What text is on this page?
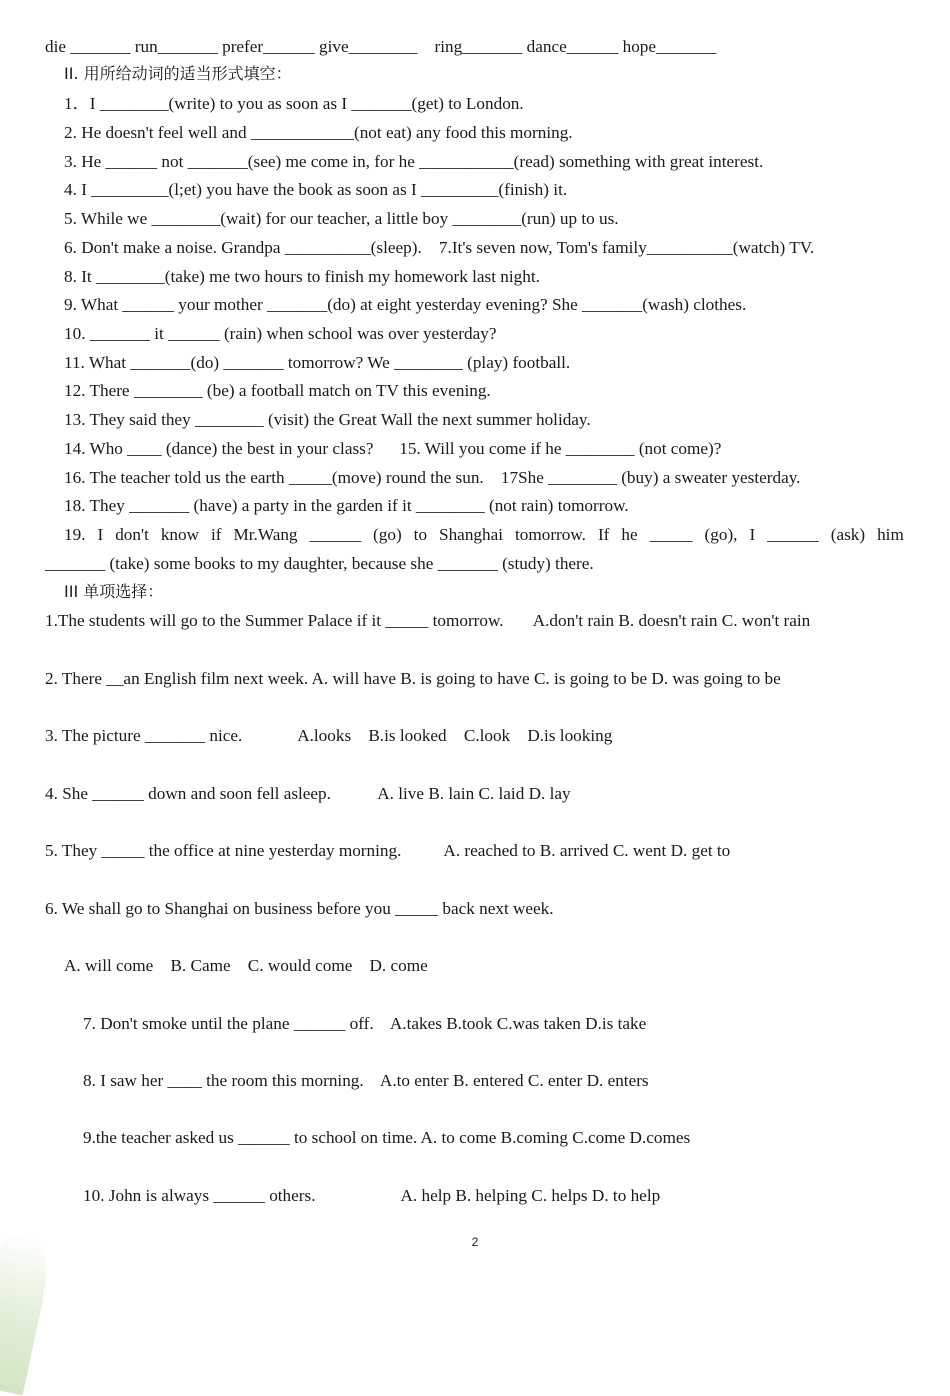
die _______ run_______ prefer______ give________    ring_______ dance______ hope_______
II. 用所给动词的适当形式填空：
1．I ________(write) to you as soon as I _______(get) to London.
2. He doesn't feel well and ____________(not eat) any food this morning.
3. He ______ not _______(see) me come in, for he ___________(read) something with great interest.
4. I _________(l;et) you have the book as soon as I _________(finish) it.
5. While we ________(wait) for our teacher, a little boy ________(run) up to us.
6. Don't make a noise. Grandpa __________(sleep).    7.It's seven now, Tom's family__________(watch) TV.
8. It ________(take) me two hours to finish my homework last night.
9. What ______ your mother _______(do) at eight yesterday evening? She _______(wash) clothes.
10. _______ it ______ (rain) when school was over yesterday?
11. What _______(do) _______ tomorrow? We ________ (play) football.
12. There ________ (be) a football match on TV this evening.
13. They said they ________ (visit) the Great Wall the next summer holiday.
14. Who ____ (dance) the best in your class?      15. Will you come if he ________ (not come)?
16. The teacher told us the earth _____(move) round the sun.    17She ________ (buy) a sweater yesterday.
18. They _______ (have) a party in the garden if it ________ (not rain) tomorrow.
19. I don't know if Mr.Wang ______ (go) to Shanghai tomorrow. If he _____ (go), I ______ (ask) him
_______ (take) some books to my daughter, because she _______ (study) there.
III 单项选择：
1.The students will go to the Summer Palace if it _____ tomorrow.       A.don't rain B. doesn't rain C. won't rain
2. There __an English film next week. A. will have B. is going to have C. is going to be D. was going to be
3. The picture _______ nice.             A.looks    B.is looked    C.look    D.is looking
4. She ______ down and soon fell asleep.           A. live B. lain C. laid D. lay
5. They _____ the office at nine yesterday morning.          A. reached to B. arrived C. went D. get to
6. We shall go to Shanghai on business before you _____ back next week.
A. will come    B. Came    C. would come    D. come
7. Don't smoke until the plane ______ off.    A.takes B.took C.was taken D.is take
8. I saw her ____ the room this morning.    A.to enter B. entered C. enter D. enters
9.the teacher asked us ______ to school on time. A. to come B.coming C.come D.comes
10. John is always ______ others.                    A. help B. helping C. helps D. to help
2
